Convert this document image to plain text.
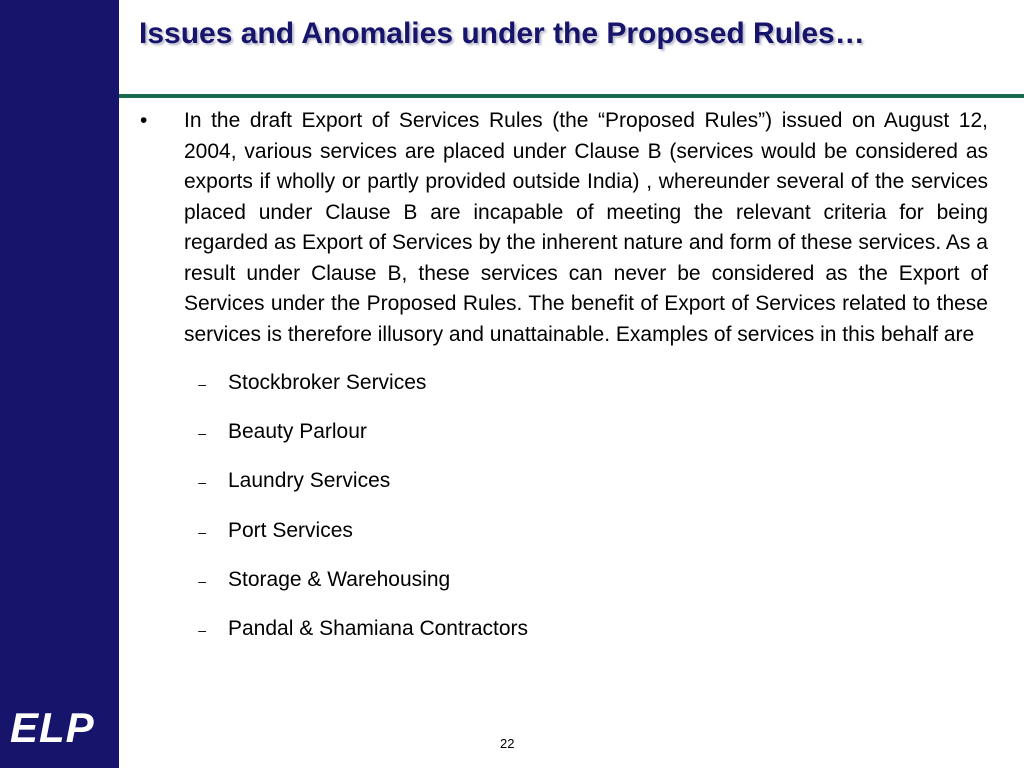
ELP
Issues and Anomalies under the Proposed Rules…
•	In the draft Export of Services Rules (the “Proposed Rules”) issued on August 12, 2004, various services are placed under Clause B (services would be considered as exports if wholly or partly provided outside India) , whereunder several of the services placed under Clause B are incapable of meeting the relevant criteria for being regarded as Export of Services by the inherent nature and form of these services. As a result under Clause B, these services can never be considered as the Export of Services under the Proposed Rules. The benefit of Export of Services related to these services is therefore illusory and unattainable. Examples of services in this behalf are
–	Stockbroker Services
–	Beauty Parlour
–	Laundry Services
–	Port Services
–	Storage & Warehousing
–	Pandal & Shamiana Contractors
22
